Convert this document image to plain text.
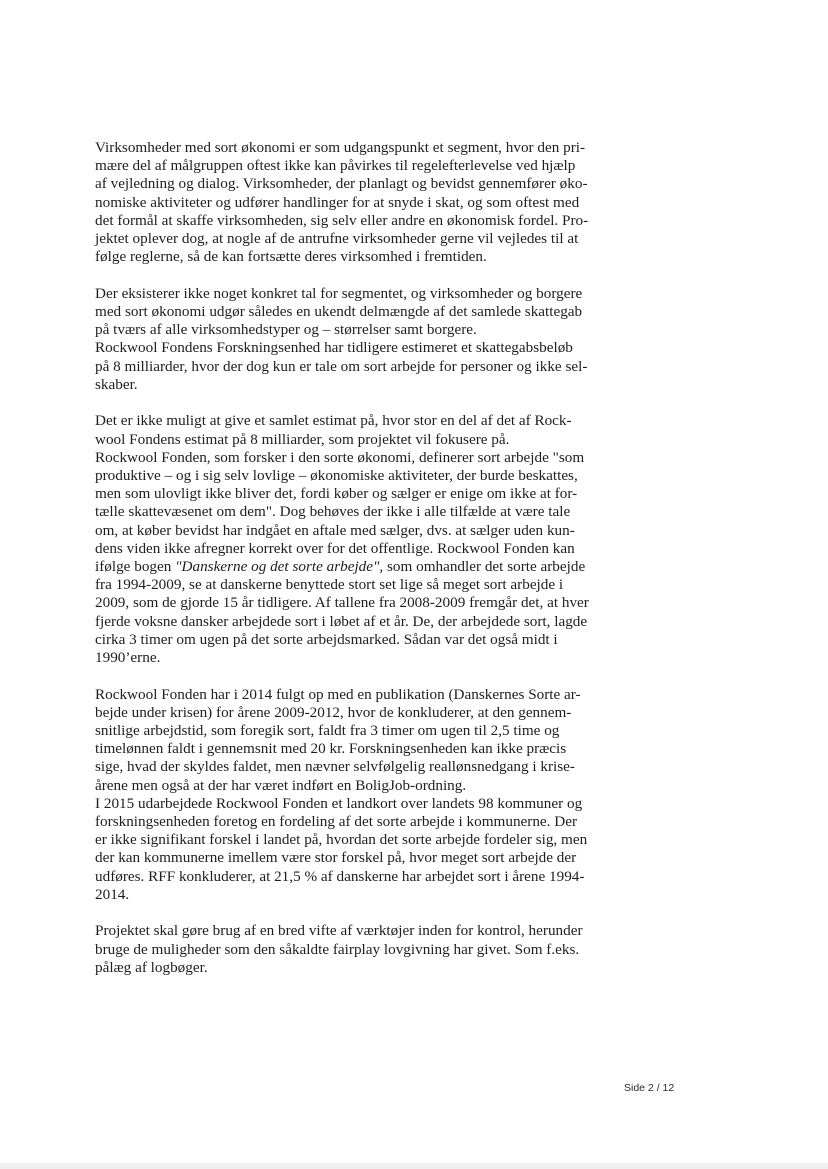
Virksomheder med sort økonomi er som udgangspunkt et segment, hvor den pri-
mære del af målgruppen oftest ikke kan påvirkes til regelefterlevelse ved hjælp
af vejledning og dialog. Virksomheder, der planlagt og bevidst gennemfører øko-
nomiske aktiviteter og udfører handlinger for at snyde i skat, og som oftest med
det formål at skaffe virksomheden, sig selv eller andre en økonomisk fordel. Pro-
jektet oplever dog, at nogle af de antrufne virksomheder gerne vil vejledes til at
følge reglerne, så de kan fortsætte deres virksomhed i fremtiden.

Der eksisterer ikke noget konkret tal for segmentet, og virksomheder og borgere
med sort økonomi udgør således en ukendt delmængde af det samlede skattegab
på tværs af alle virksomhedstyper og – størrelser samt borgere.
Rockwool Fondens Forskningsenhed har tidligere estimeret et skattegabsbeløb
på 8 milliarder, hvor der dog kun er tale om sort arbejde for personer og ikke sel-
skaber.

Det er ikke muligt at give et samlet estimat på, hvor stor en del af det af Rock-
wool Fondens estimat på 8 milliarder, som projektet vil fokusere på.
Rockwool Fonden, som forsker i den sorte økonomi, definerer sort arbejde "som
produktive – og i sig selv lovlige – økonomiske aktiviteter, der burde beskattes,
men som ulovligt ikke bliver det, fordi køber og sælger er enige om ikke at for-
tælle skattevæsenet om dem". Dog behøves der ikke i alle tilfælde at være tale
om, at køber bevidst har indgået en aftale med sælger, dvs. at sælger uden kun-
dens viden ikke afregner korrekt over for det offentlige. Rockwool Fonden kan
ifølge bogen "Danskerne og det sorte arbejde", som omhandler det sorte arbejde
fra 1994-2009, se at danskerne benyttede stort set lige så meget sort arbejde i
2009, som de gjorde 15 år tidligere. Af tallene fra 2008-2009 fremgår det, at hver
fjerde voksne dansker arbejdede sort i løbet af et år. De, der arbejdede sort, lagde
cirka 3 timer om ugen på det sorte arbejdsmarked. Sådan var det også midt i
1990’erne.

Rockwool Fonden har i 2014 fulgt op med en publikation (Danskernes Sorte ar-
bejde under krisen) for årene 2009-2012, hvor de konkluderer, at den gennem-
snitlige arbejdstid, som foregik sort, faldt fra 3 timer om ugen til 2,5 time og
timelønnen faldt i gennemsnit med 20 kr. Forskningsenheden kan ikke præcis
sige, hvad der skyldes faldet, men nævner selvfølgelig reallønsnedgang i krise-
årene men også at der har været indført en BoligJob-ordning.
I 2015 udarbejdede Rockwool Fonden et landkort over landets 98 kommuner og
forskningsenheden foretog en fordeling af det sorte arbejde i kommunerne. Der
er ikke signifikant forskel i landet på, hvordan det sorte arbejde fordeler sig, men
der kan kommunerne imellem være stor forskel på, hvor meget sort arbejde der
udføres. RFF konkluderer, at 21,5 % af danskerne har arbejdet sort i årene 1994-
2014.

Projektet skal gøre brug af en bred vifte af værktøjer inden for kontrol, herunder
bruge de muligheder som den såkaldte fairplay lovgivning har givet. Som f.eks.
pålæg af logbøger.

Side 2 / 12
